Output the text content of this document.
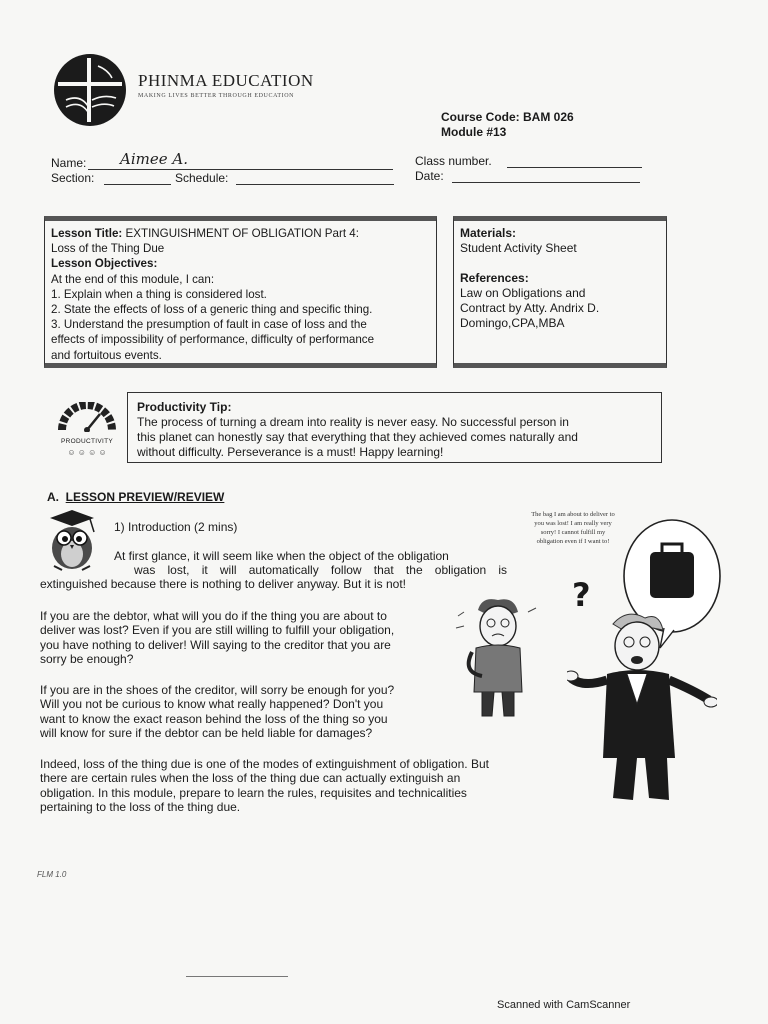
PHINMA EDUCATION
MAKING LIVES BETTER THROUGH EDUCATION
Course Code: BAM 026
Module #13
Name: Aimee A.
Section:	Schedule:
Class number.
Date:
Lesson Title: EXTINGUISHMENT OF OBLIGATION Part 4:
Loss of the Thing Due
Lesson Objectives:
At the end of this module, I can:
1. Explain when a thing is considered lost.
2. State the effects of loss of a generic thing and specific thing.
3. Understand the presumption of fault in case of loss and the
effects of impossibility of performance, difficulty of performance
and fortuitous events.
Materials:
Student Activity Sheet
References:
Law on Obligations and
Contract by Atty. Andrix D.
Domingo,CPA,MBA
PRODUCTIVITY
☺ ☺ ☺ ☺
Productivity Tip:
The process of turning a dream into reality is never easy. No successful person in
this planet can honestly say that everything that they achieved comes naturally and
without difficulty. Perseverance is a must! Happy learning!
A. LESSON PREVIEW/REVIEW
1) Introduction (2 mins)
At first glance, it will seem like when the object of the obligation
was lost, it will automatically follow that the obligation is
extinguished because there is nothing to deliver anyway. But it is not!
If you are the debtor, what will you do if the thing you are about to
deliver was lost? Even if you are still willing to fulfill your obligation,
you have nothing to deliver! Will saying to the creditor that you are
sorry be enough?
If you are in the shoes of the creditor, will sorry be enough for you?
Will you not be curious to know what really happened? Don't you
want to know the exact reason behind the loss of the thing so you
will know for sure if the debtor can be held liable for damages?
Indeed, loss of the thing due is one of the modes of extinguishment of obligation. But
there are certain rules when the loss of the thing due can actually extinguish an
obligation. In this module, prepare to learn the rules, requisites and technicalities
pertaining to the loss of the thing due.
The bag I am about to deliver to you was lost! I am really very sorry! I cannot fulfill my obligation even if I want to!
?
FLM 1.0
Scanned with CamScanner
